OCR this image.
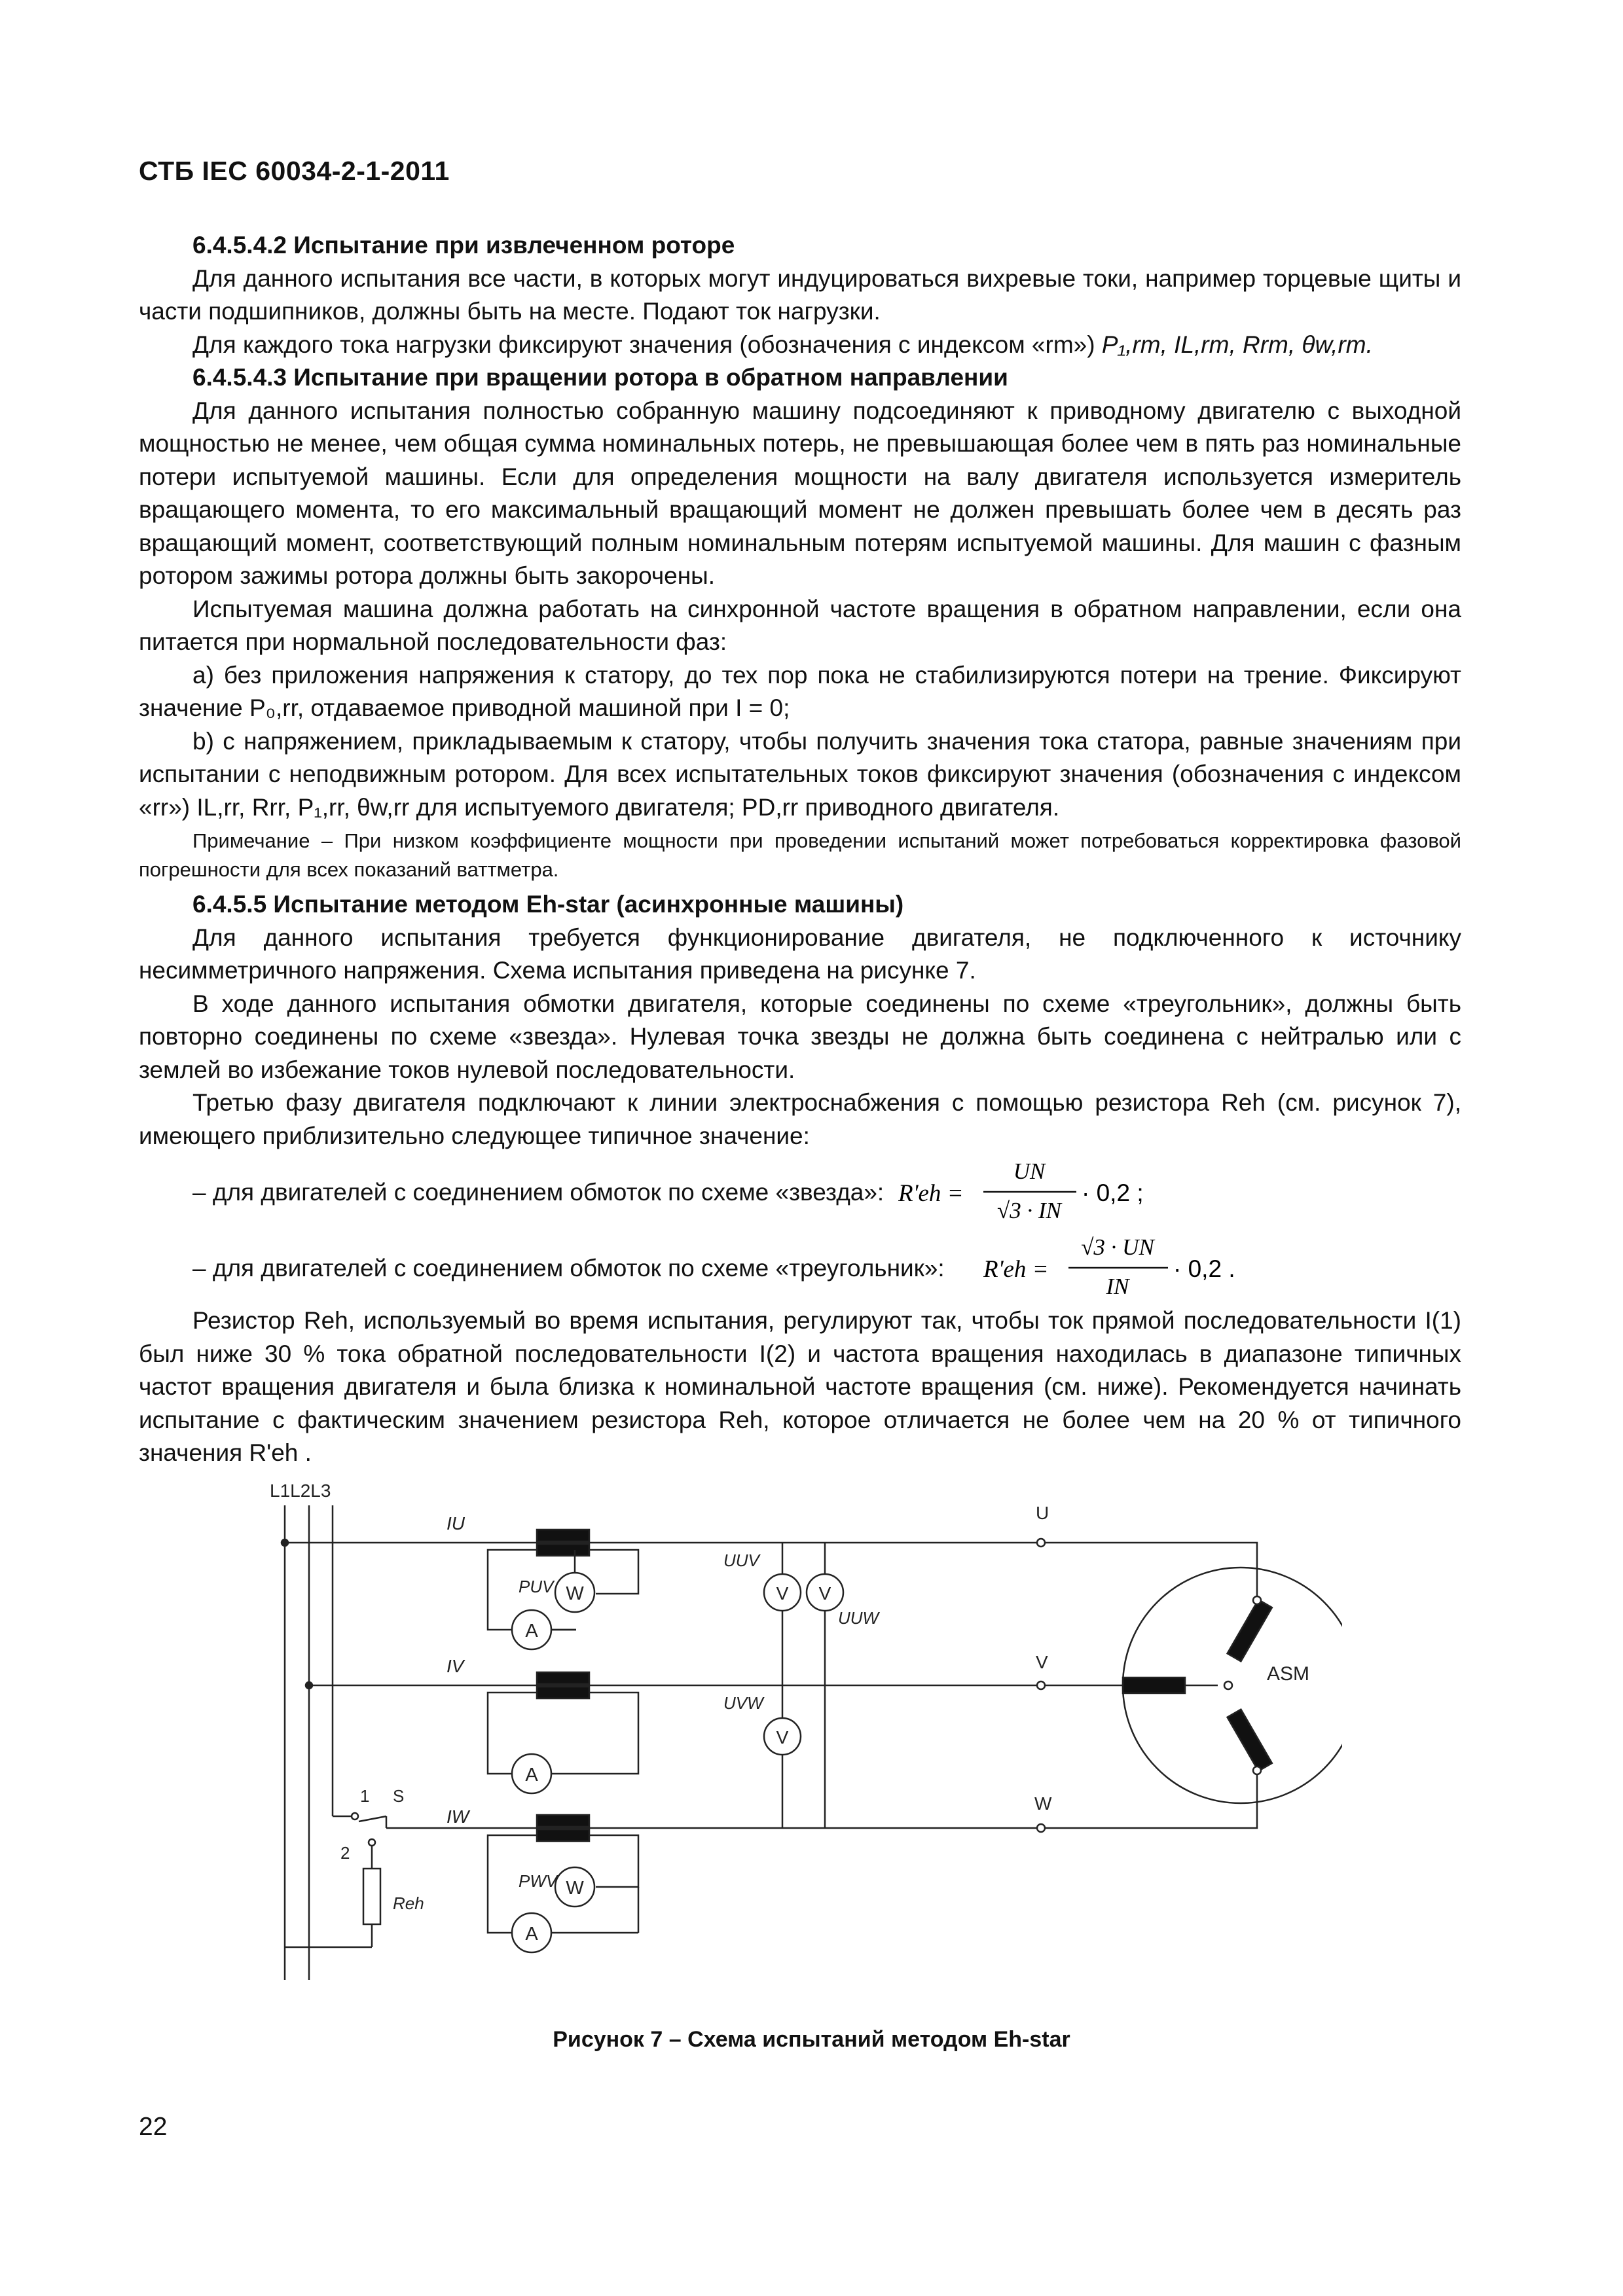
СТБ IEC 60034-2-1-2011

6.4.5.4.2 Испытание при извлеченном роторе

Для данного испытания все части, в которых могут индуцироваться вихревые токи, например торцевые щиты и части подшипников, должны быть на месте. Подают ток нагрузки.

Для каждого тока нагрузки фиксируют значения (обозначения с индексом «rm») P₁,rm, IL,rm, Rrm, θw,rm.

6.4.5.4.3 Испытание при вращении ротора в обратном направлении

Для данного испытания полностью собранную машину подсоединяют к приводному двигателю с выходной мощностью не менее, чем общая сумма номинальных потерь, не превышающая более чем в пять раз номинальные потери испытуемой машины. Если для определения мощности на валу двигателя используется измеритель вращающего момента, то его максимальный вращающий момент не должен превышать более чем в десять раз вращающий момент, соответствующий полным номинальным потерям испытуемой машины. Для машин с фазным ротором зажимы ротора должны быть закорочены.

Испытуемая машина должна работать на синхронной частоте вращения в обратном направлении, если она питается при нормальной последовательности фаз:

a) без приложения напряжения к статору, до тех пор пока не стабилизируются потери на трение. Фиксируют значение P₀,rr, отдаваемое приводной машиной при I = 0;

b) с напряжением, прикладываемым к статору, чтобы получить значения тока статора, равные значениям при испытании с неподвижным ротором. Для всех испытательных токов фиксируют значения (обозначения с индексом «rr») IL,rr, Rrr, P₁,rr, θw,rr для испытуемого двигателя; PD,rr приводного двигателя.

Примечание – При низком коэффициенте мощности при проведении испытаний может потребоваться корректировка фазовой погрешности для всех показаний ваттметра.

6.4.5.5 Испытание методом Eh-star (асинхронные машины)

Для данного испытания требуется функционирование двигателя, не подключенного к источнику несимметричного напряжения. Схема испытания приведена на рисунке 7.

В ходе данного испытания обмотки двигателя, которые соединены по схеме «треугольник», должны быть повторно соединены по схеме «звезда». Нулевая точка звезды не должна быть соединена с нейтралью или с землей во избежание токов нулевой последовательности.

Третью фазу двигателя подключают к линии электроснабжения с помощью резистора Reh (см. рисунок 7), имеющего приблизительно следующее типичное значение:

– для двигателей с соединением обмоток по схеме «звезда»: R'eh =
UN
√3 · IN
· 0,2 ;
– для двигателей с соединением обмоток по схеме «треугольник»: R'eh =
√3 · UN
IN
· 0,2 .

Резистор Reh, используемый во время испытания, регулируют так, чтобы ток прямой последовательности I(1) был ниже 30 % тока обратной последовательности I(2) и частота вращения находилась в диапазоне типичных частот вращения двигателя и была близка к номинальной частоте вращения (см. ниже). Рекомендуется начинать испытание с фактическим значением резистора Reh, которое отличается не более чем на 20 % от типичного значения R'eh .

L1L2L3
IU
W
A
PUV	V
UUV
V
UUW
IV
A
V
UVW
1
2
S
IW
Reh
W
A
PWV
U
V
W
ASM
Рисунок 7 – Схема испытаний методом Eh-star
22
